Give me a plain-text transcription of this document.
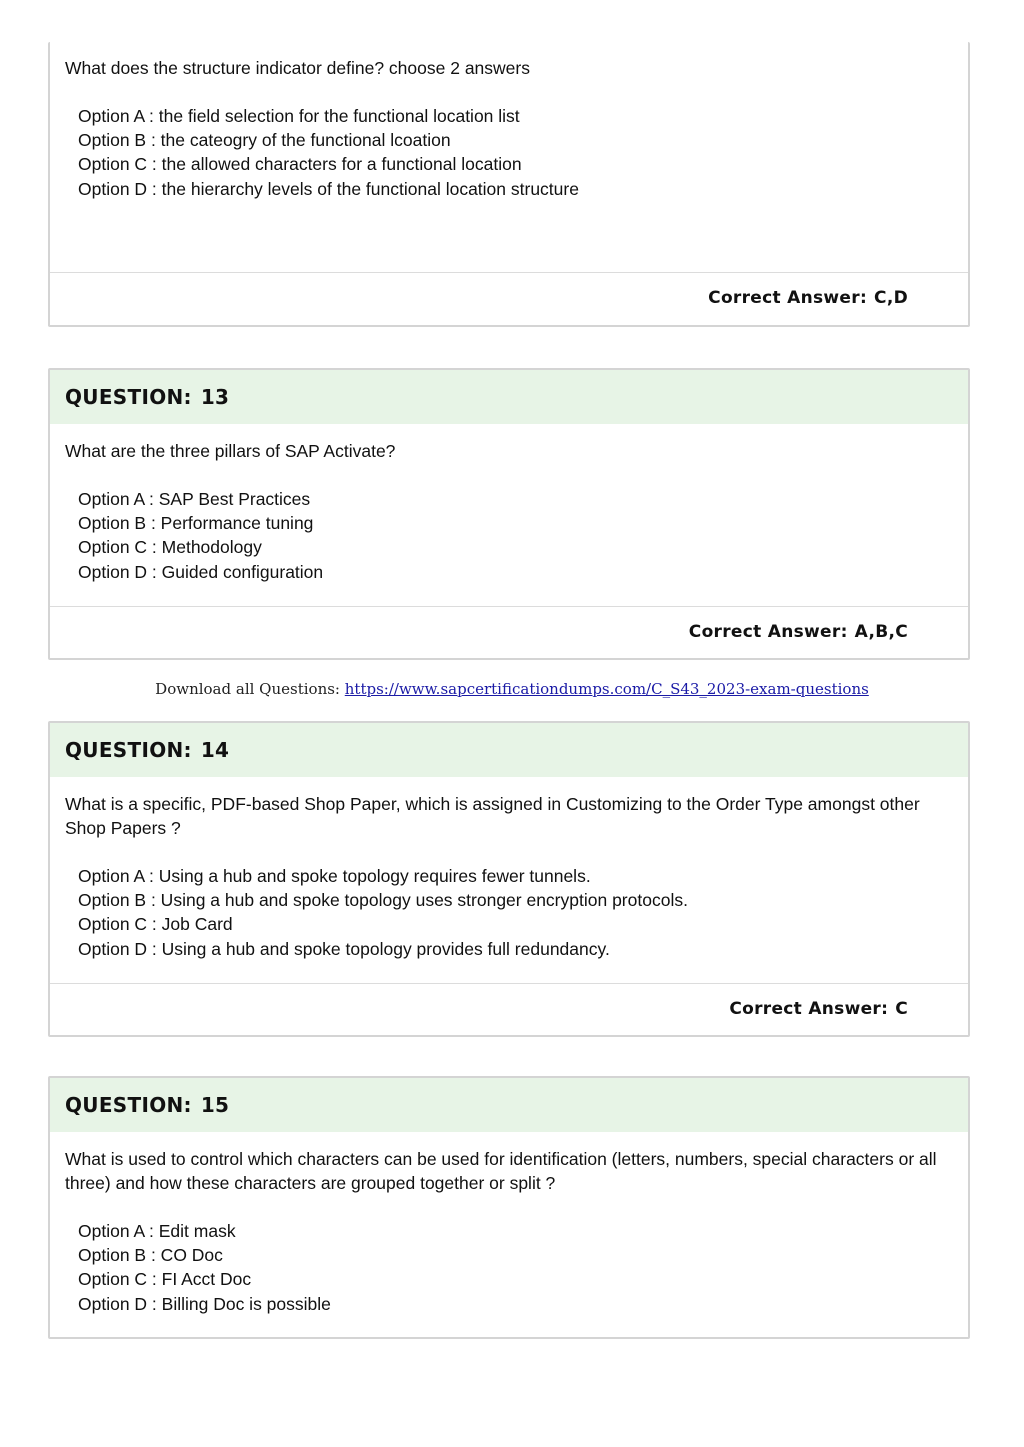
What does the structure indicator define? choose 2 answers

Option A : the field selection for the functional location list
Option B : the cateogry of the functional lcoation
Option C : the allowed characters for a functional location
Option D : the hierarchy levels of the functional location structure
Correct Answer: C,D
QUESTION: 13

What are the three pillars of SAP Activate?

Option A : SAP Best Practices
Option B : Performance tuning
Option C : Methodology
Option D : Guided configuration
Correct Answer: A,B,C
Download all Questions: https://www.sapcertificationdumps.com/C_S43_2023-exam-questions
QUESTION: 14

What is a specific, PDF-based Shop Paper, which is assigned in Customizing to the Order Type amongst other Shop Papers ?

Option A : Using a hub and spoke topology requires fewer tunnels.
Option B : Using a hub and spoke topology uses stronger encryption protocols.
Option C : Job Card
Option D : Using a hub and spoke topology provides full redundancy.
Correct Answer: C
QUESTION: 15

What is used to control which characters can be used for identification (letters, numbers, special characters or all three) and how these characters are grouped together or split ?

Option A : Edit mask
Option B : CO Doc
Option C : FI Acct Doc
Option D : Billing Doc is possible
